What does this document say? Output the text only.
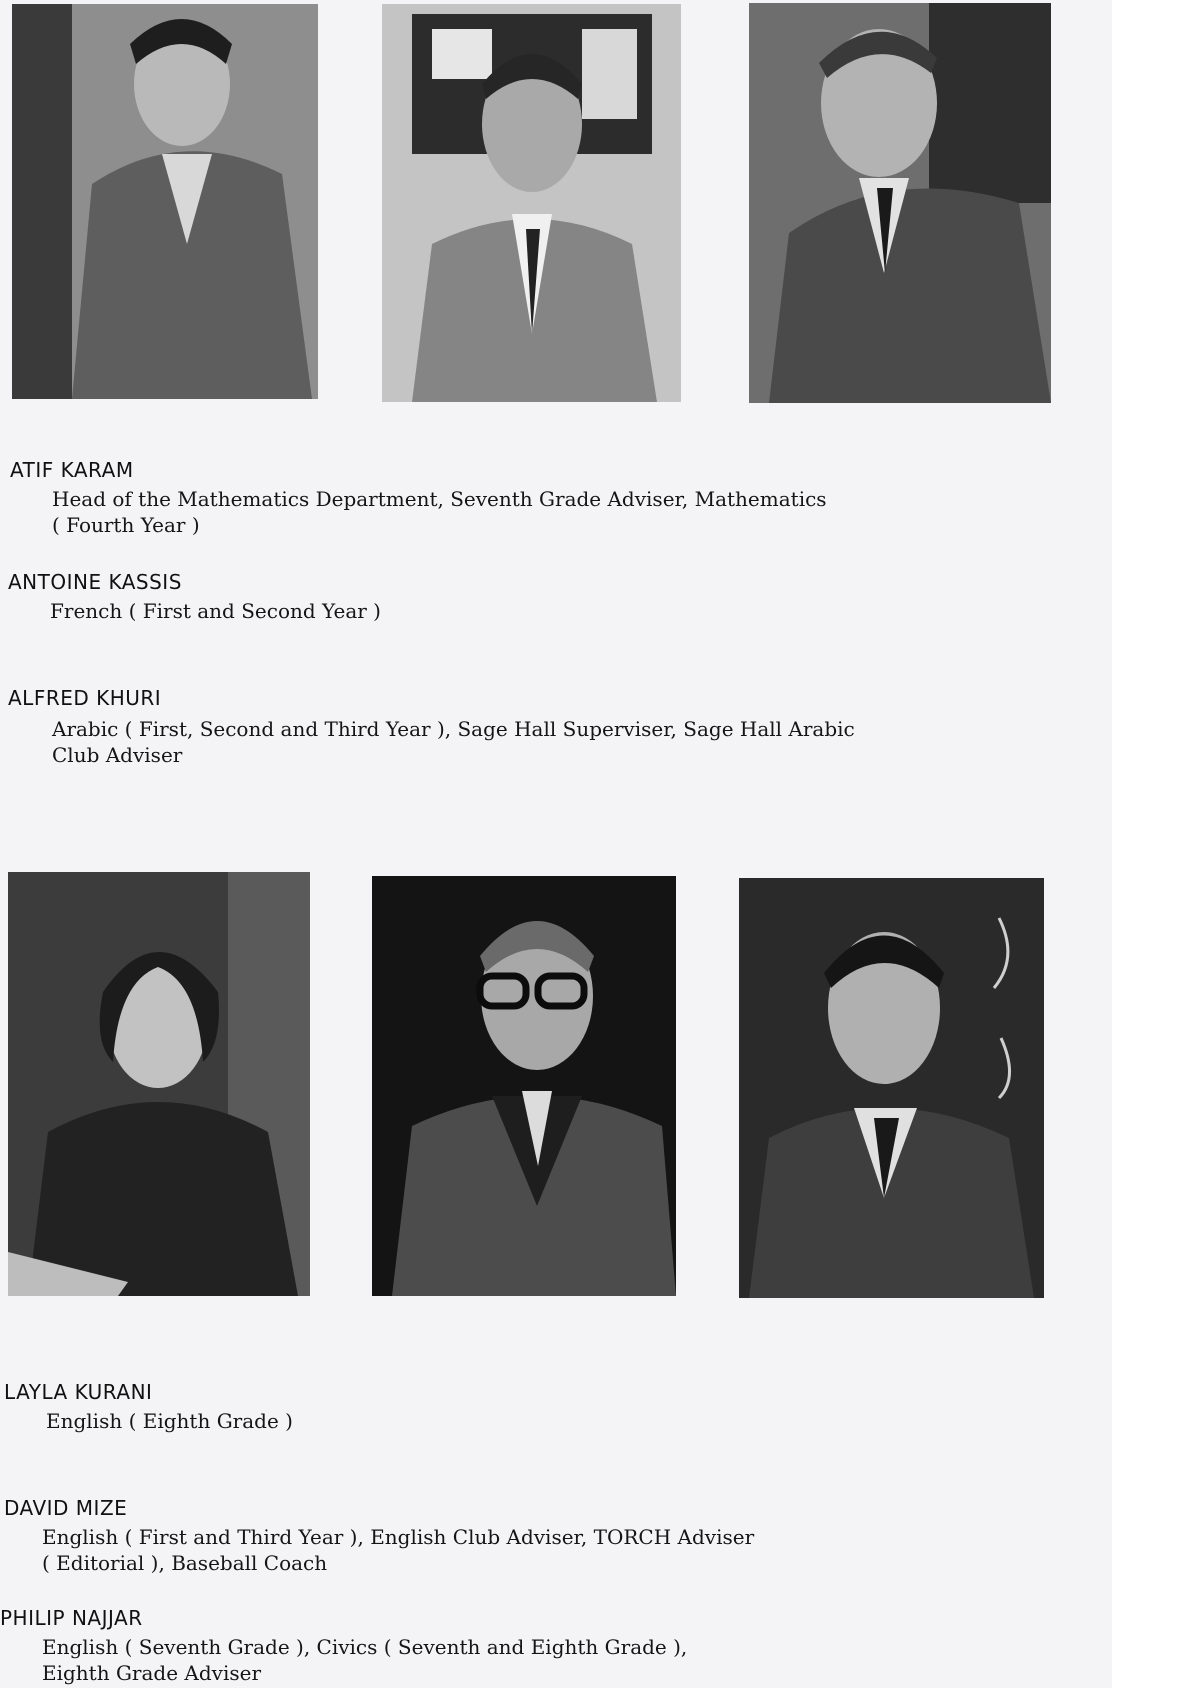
ATIF KARAM
Head of the Mathematics Department, Seventh Grade Adviser, Mathematics
( Fourth Year )
ANTOINE KASSIS
French ( First and Second Year )
ALFRED KHURI
Arabic ( First, Second and Third Year ), Sage Hall Superviser, Sage Hall Arabic
Club Adviser
LAYLA KURANI
English ( Eighth Grade )
DAVID MIZE
English ( First and Third Year ), English Club Adviser, TORCH Adviser
( Editorial ), Baseball Coach
PHILIP NAJJAR
English ( Seventh Grade ), Civics ( Seventh and Eighth Grade ),
Eighth Grade Adviser
